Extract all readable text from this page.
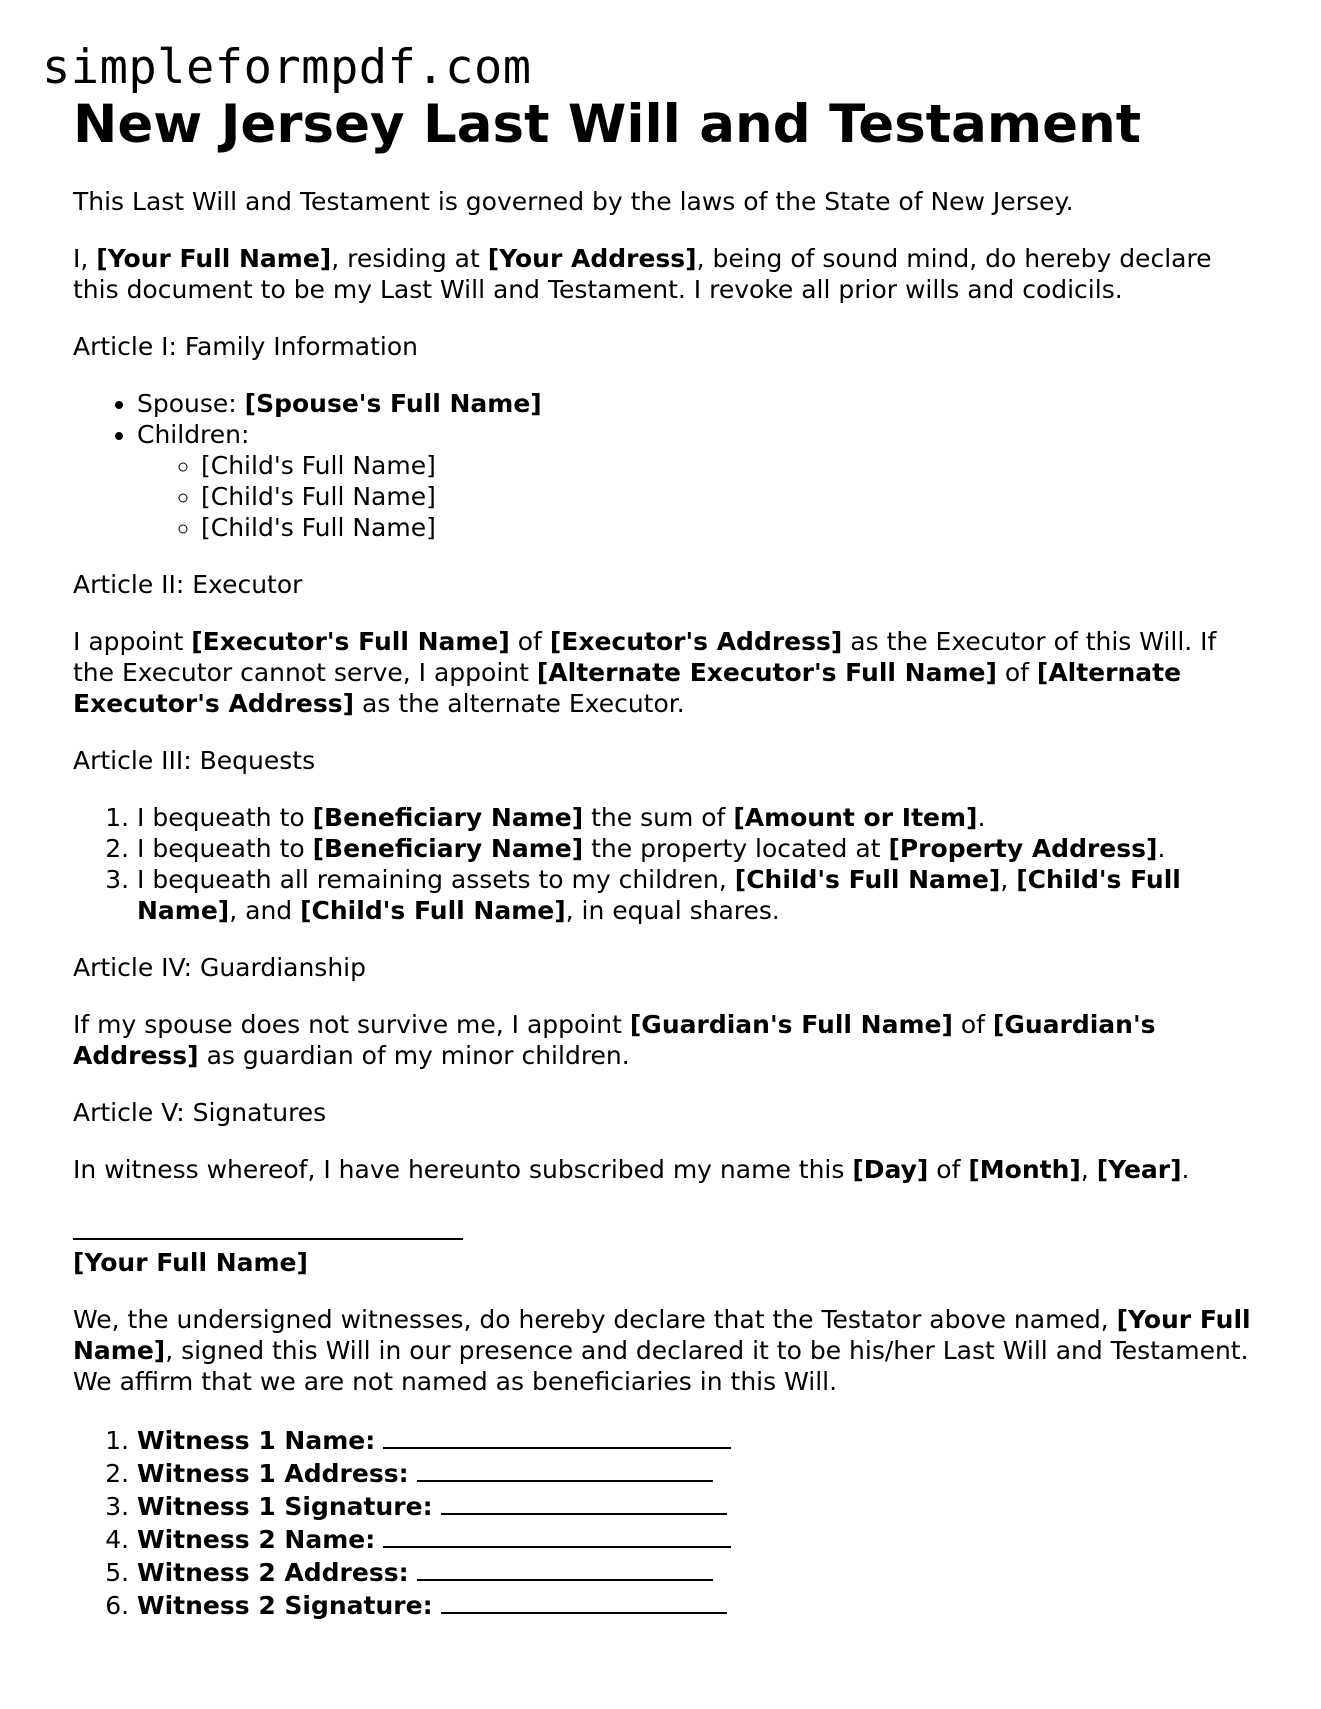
simpleformpdf.com
New Jersey Last Will and Testament

This Last Will and Testament is governed by the laws of the State of New Jersey.

I, [Your Full Name], residing at [Your Address], being of sound mind, do hereby declare this document to be my Last Will and Testament. I revoke all prior wills and codicils.

Article I: Family Information

• Spouse: [Spouse's Full Name]
• Children:
◦ [Child's Full Name]
◦ [Child's Full Name]
◦ [Child's Full Name]

Article II: Executor

I appoint [Executor's Full Name] of [Executor's Address] as the Executor of this Will. If the Executor cannot serve, I appoint [Alternate Executor's Full Name] of [Alternate Executor's Address] as the alternate Executor.

Article III: Bequests

1. I bequeath to [Beneficiary Name] the sum of [Amount or Item].
2. I bequeath to [Beneficiary Name] the property located at [Property Address].
3. I bequeath all remaining assets to my children, [Child's Full Name], [Child's Full Name], and [Child's Full Name], in equal shares.

Article IV: Guardianship

If my spouse does not survive me, I appoint [Guardian's Full Name] of [Guardian's Address] as guardian of my minor children.

Article V: Signatures

In witness whereof, I have hereunto subscribed my name this [Day] of [Month], [Year].

[Your Full Name]

We, the undersigned witnesses, do hereby declare that the Testator above named, [Your Full Name], signed this Will in our presence and declared it to be his/her Last Will and Testament. We affirm that we are not named as beneficiaries in this Will.

1. Witness 1 Name:
2. Witness 1 Address:
3. Witness 1 Signature:
4. Witness 2 Name:
5. Witness 2 Address:
6. Witness 2 Signature:
